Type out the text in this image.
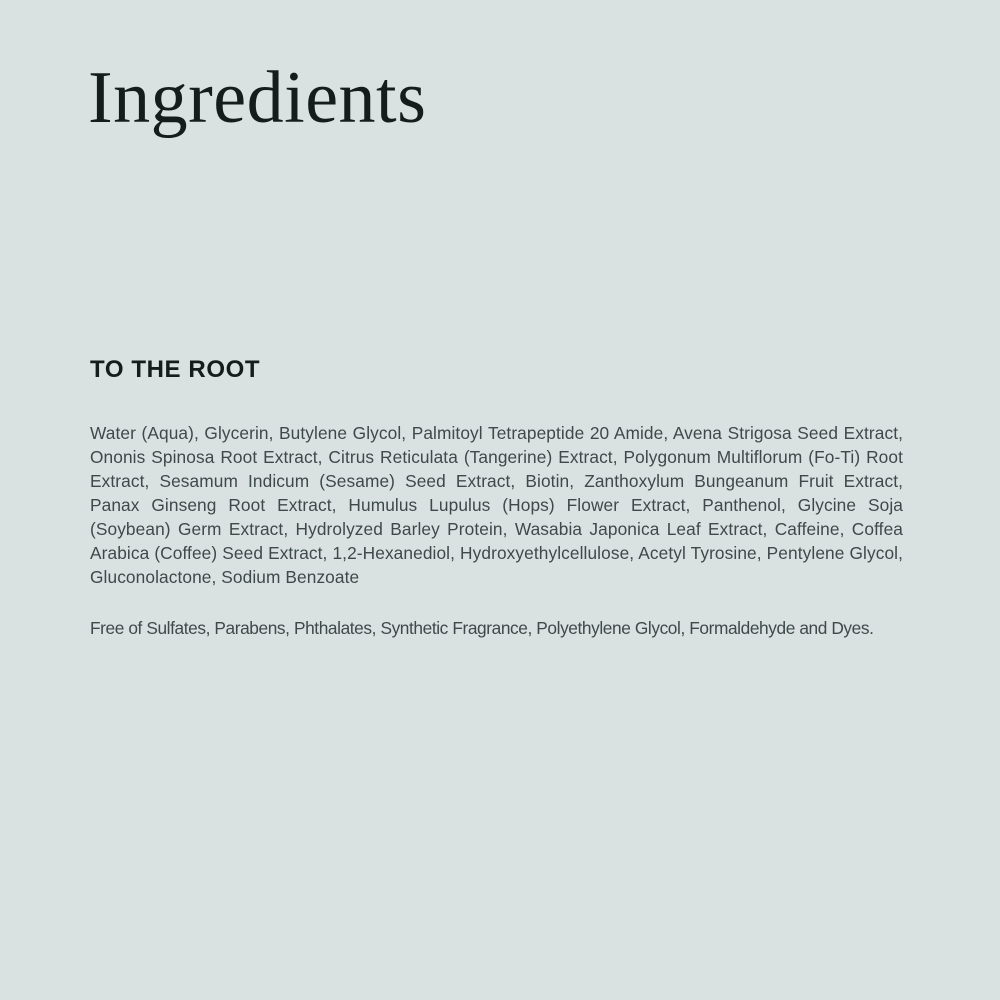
Ingredients
TO THE ROOT

Water (Aqua), Glycerin, Butylene Glycol, Palmitoyl Tetrapeptide 20 Amide, Avena Strigosa Seed Extract, Ononis Spinosa Root Extract, Citrus Reticulata (Tangerine) Extract, Polygonum Multiflorum (Fo-Ti) Root Extract, Sesamum Indicum (Sesame) Seed Extract, Biotin, Zanthoxylum Bungeanum Fruit Extract, Panax Ginseng Root Extract, Humulus Lupulus (Hops) Flower Extract, Panthenol, Glycine Soja (Soybean) Germ Extract, Hydrolyzed Barley Protein, Wasabia Japonica Leaf Extract, Caffeine, Coffea Arabica (Coffee) Seed Extract, 1,2-Hexanediol, Hydroxyethylcellulose, Acetyl Tyrosine, Pentylene Glycol, Gluconolactone, Sodium Benzoate

Free of Sulfates, Parabens, Phthalates, Synthetic Fragrance, Polyethylene Glycol, Formaldehyde and Dyes.
